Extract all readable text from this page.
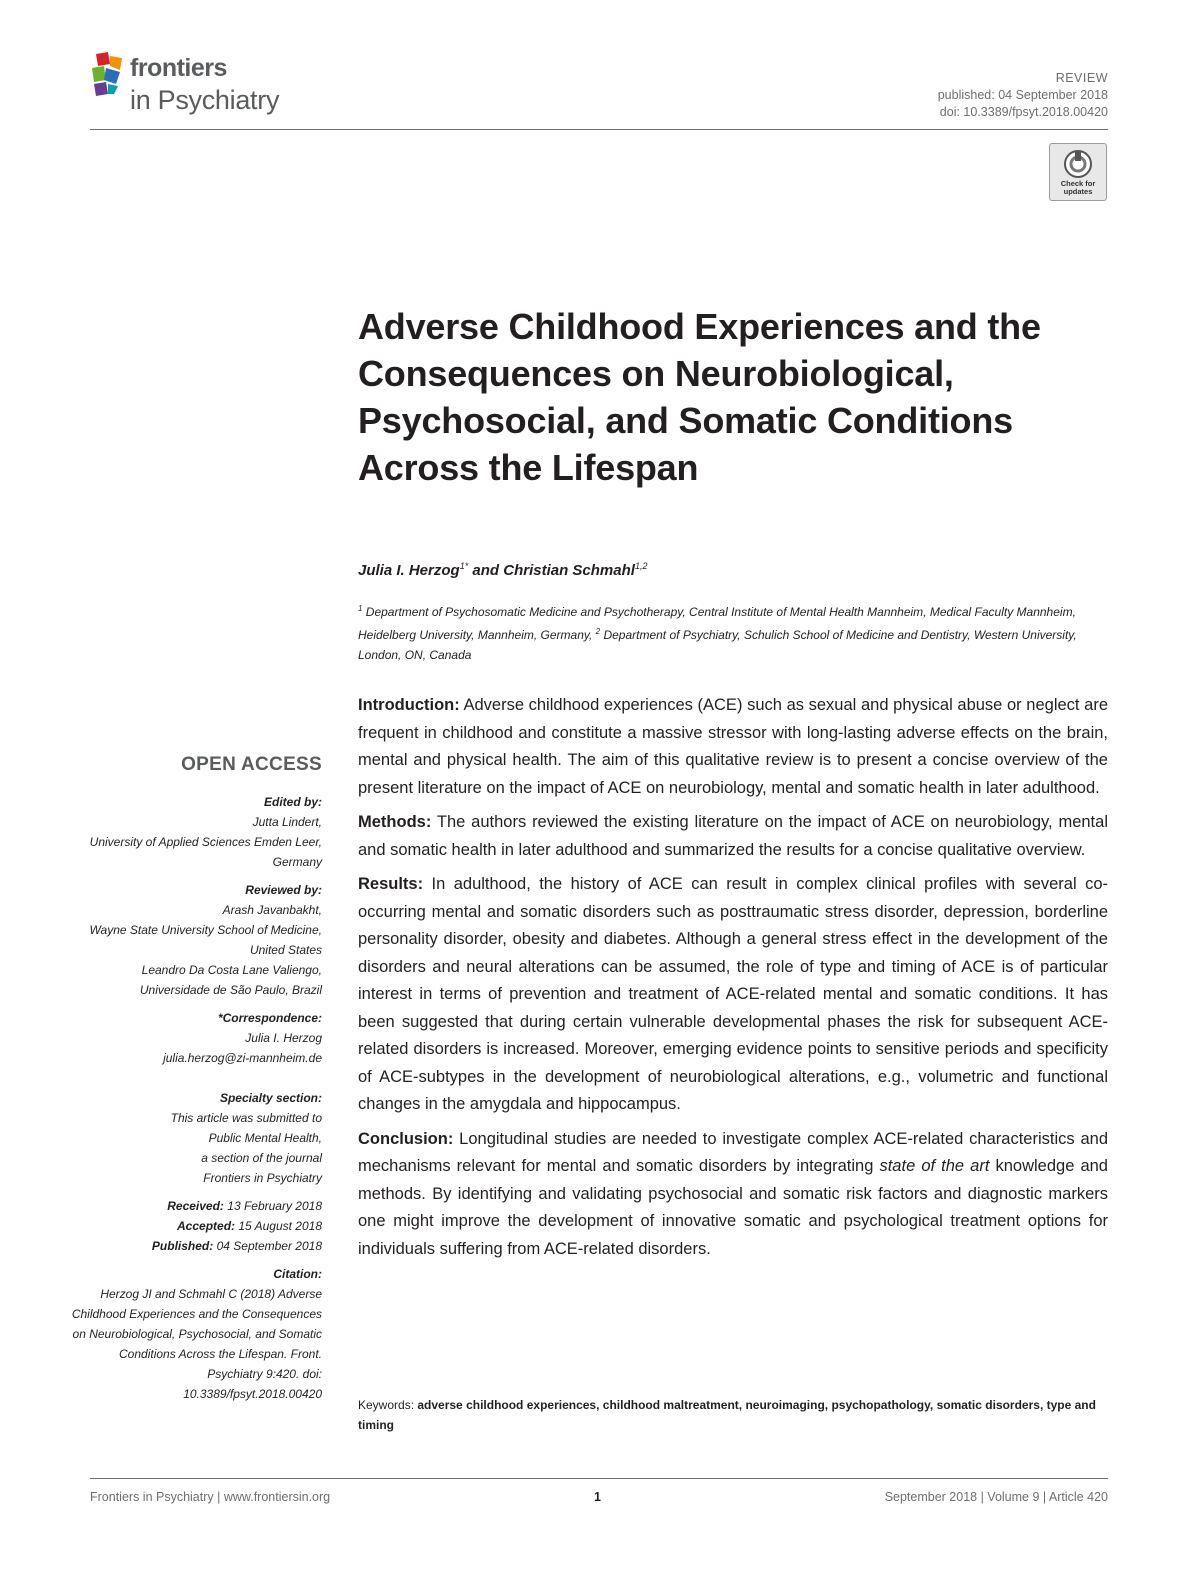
frontiers
in Psychiatry
REVIEW
published: 04 September 2018
doi: 10.3389/fpsyt.2018.00420
Check for
updates
Adverse Childhood Experiences and the Consequences on Neurobiological, Psychosocial, and Somatic Conditions Across the Lifespan
Julia I. Herzog$^{1*}$ and Christian Schmahl$^{1,2}$
$^1$ Department of Psychosomatic Medicine and Psychotherapy, Central Institute of Mental Health Mannheim, Medical Faculty Mannheim, Heidelberg University, Mannheim, Germany, $^2$ Department of Psychiatry, Schulich School of Medicine and Dentistry, Western University, London, ON, Canada

Introduction: Adverse childhood experiences (ACE) such as sexual and physical abuse or neglect are frequent in childhood and constitute a massive stressor with long-lasting adverse effects on the brain, mental and physical health. The aim of this qualitative review is to present a concise overview of the present literature on the impact of ACE on neurobiology, mental and somatic health in later adulthood.

Methods: The authors reviewed the existing literature on the impact of ACE on neurobiology, mental and somatic health in later adulthood and summarized the results for a concise qualitative overview.

Results: In adulthood, the history of ACE can result in complex clinical profiles with several co-occurring mental and somatic disorders such as posttraumatic stress disorder, depression, borderline personality disorder, obesity and diabetes. Although a general stress effect in the development of the disorders and neural alterations can be assumed, the role of type and timing of ACE is of particular interest in terms of prevention and treatment of ACE-related mental and somatic conditions. It has been suggested that during certain vulnerable developmental phases the risk for subsequent ACE-related disorders is increased. Moreover, emerging evidence points to sensitive periods and specificity of ACE-subtypes in the development of neurobiological alterations, e.g., volumetric and functional changes in the amygdala and hippocampus.

Conclusion: Longitudinal studies are needed to investigate complex ACE-related characteristics and mechanisms relevant for mental and somatic disorders by integrating state of the art knowledge and methods. By identifying and validating psychosocial and somatic risk factors and diagnostic markers one might improve the development of innovative somatic and psychological treatment options for individuals suffering from ACE-related disorders.

Keywords: adverse childhood experiences, childhood maltreatment, neuroimaging, psychopathology, somatic disorders, type and timing
OPEN ACCESS
Edited by:
Jutta Lindert,
University of Applied Sciences Emden Leer, Germany
Reviewed by:
Arash Javanbakht,
Wayne State University School of Medicine, United States
Leandro Da Costa Lane Valiengo,
Universidade de São Paulo, Brazil
*Correspondence:
Julia I. Herzog
julia.herzog@zi-mannheim.de
Specialty section:
This article was submitted to
Public Mental Health,
a section of the journal
Frontiers in Psychiatry
Received: 13 February 2018
Accepted: 15 August 2018
Published: 04 September 2018
Citation:
Herzog JI and Schmahl C (2018) Adverse Childhood Experiences and the Consequences on Neurobiological, Psychosocial, and Somatic Conditions Across the Lifespan. Front. Psychiatry 9:420. doi: 10.3389/fpsyt.2018.00420
Frontiers in Psychiatry | www.frontiersin.org	1	September 2018 | Volume 9 | Article 420
